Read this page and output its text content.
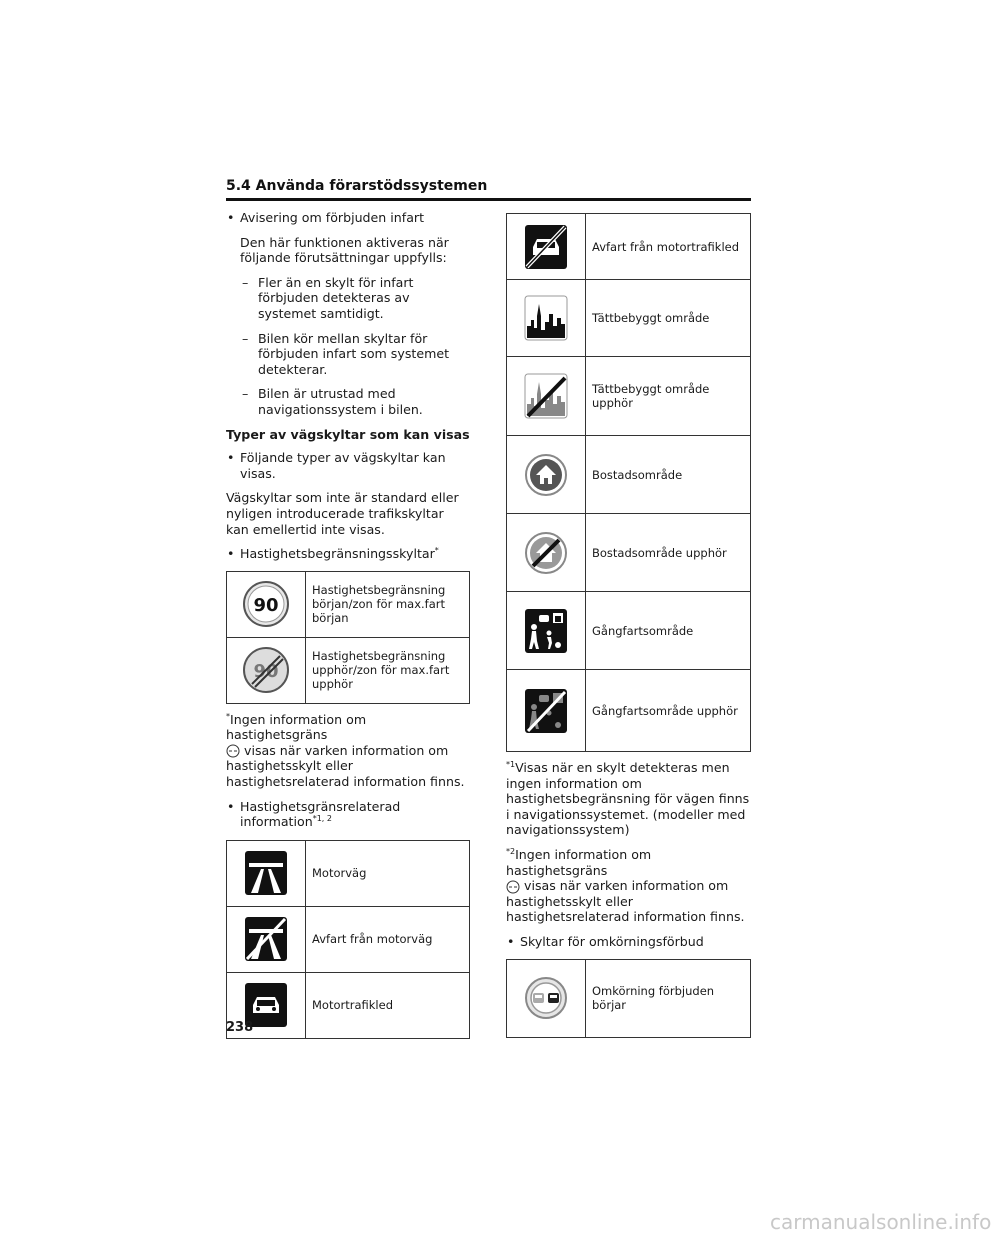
5.4 Använda förarstödssystemen

• Avisering om förbjuden infart

Den här funktionen aktiveras när följande förutsättningar uppfylls:

– Fler än en skylt för infart förbjuden detekteras av systemet samtidigt.

– Bilen kör mellan skyltar för förbjuden infart som systemet detekterar.

– Bilen är utrustad med navigationssystem i bilen.

Typer av vägskyltar som kan visas

• Följande typer av vägskyltar kan visas.

Vägskyltar som inte är standard eller nyligen introducerade trafikskyltar kan emellertid inte visas.

• Hastighetsbegränsningsskyltar*

90	Hastighetsbegränsning början/zon för max.fart början

90	Hastighetsbegränsning upphör/zon för max.fart upphör

*Ingen information om hastighetsgräns

visas när varken information om hastighetsskylt eller hastighetsrelaterad information finns.

• Hastighetsgränsrelaterad
information$^{*1, 2}$

	Motorväg

	Avfart från motorväg

	Motortrafikled
	Avfart från motortrafikled

	Tättbebyggt område

	Tättbebyggt område upphör

	Bostadsområde

	Bostadsområde upphör

	Gångfartsområde

	Gångfartsområde upphör

$^{*1}$Visas när en skylt detekteras men ingen information om hastighetsbegränsning för vägen finns i navigationssystemet. (modeller med navigationssystem)

$^{*2}$Ingen information om hastighetsgräns

visas när varken information om hastighetsskylt eller hastighetsrelaterad information finns.

• Skyltar för omkörningsförbud

	Omkörning förbjuden börjar
238
carmanualsonline.info
